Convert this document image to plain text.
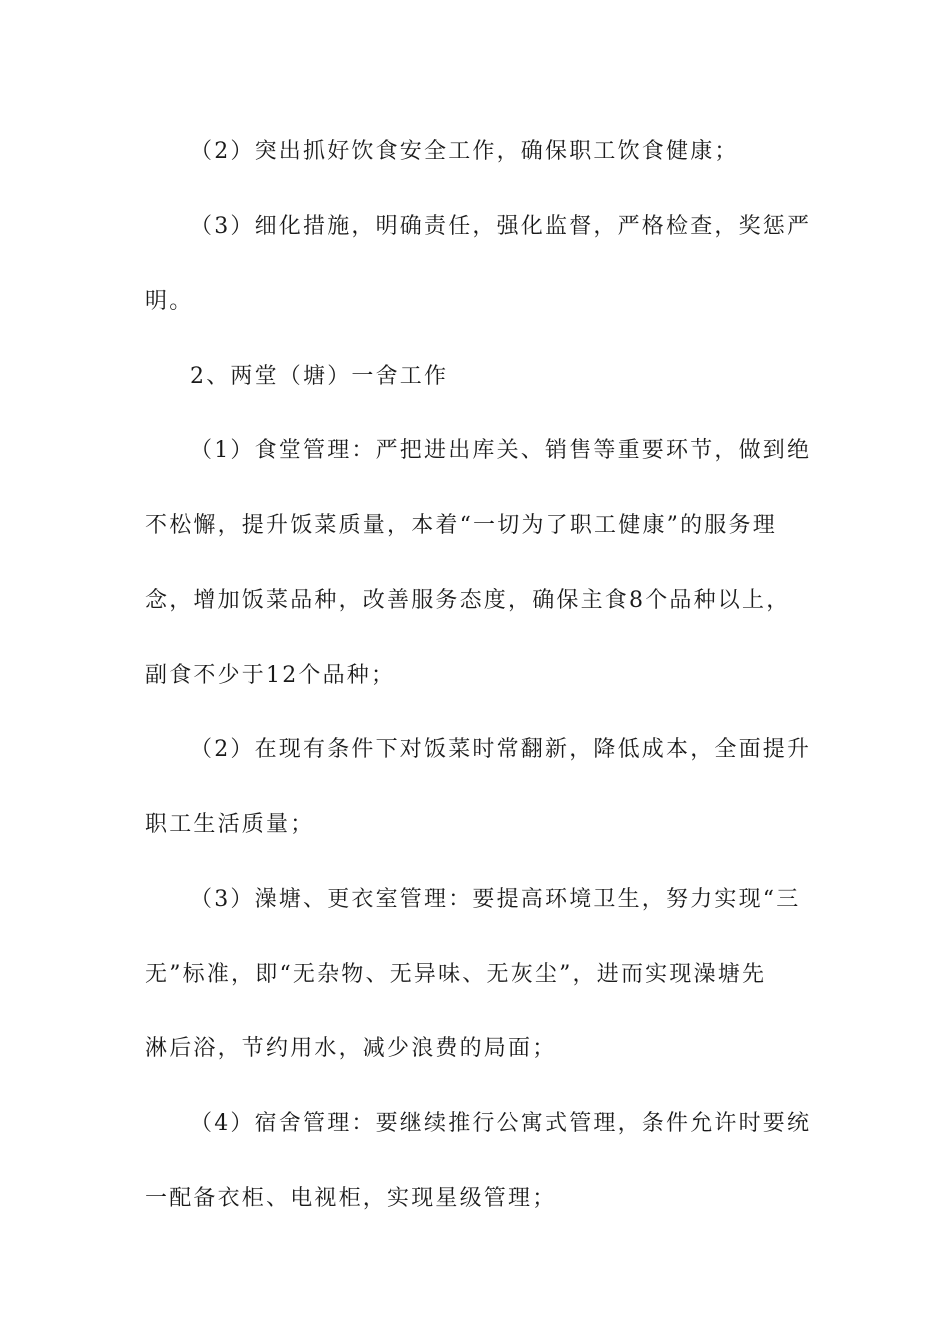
（2）突出抓好饮食安全工作，确保职工饮食健康；
（3）细化措施，明确责任，强化监督，严格检查，奖惩严
明。
2、两堂（塘）一舍工作
（1）食堂管理：严把进出库关、销售等重要环节，做到绝
不松懈，提升饭菜质量，本着“一切为了职工健康”的服务理
念，增加饭菜品种，改善服务态度，确保主食8个品种以上，
副食不少于12个品种；
（2）在现有条件下对饭菜时常翻新，降低成本，全面提升
职工生活质量；
（3）澡塘、更衣室管理：要提高环境卫生，努力实现“三
无”标准，即“无杂物、无异味、无灰尘”，进而实现澡塘先
淋后浴，节约用水，减少浪费的局面；
（4）宿舍管理：要继续推行公寓式管理，条件允许时要统
一配备衣柜、电视柜，实现星级管理；
